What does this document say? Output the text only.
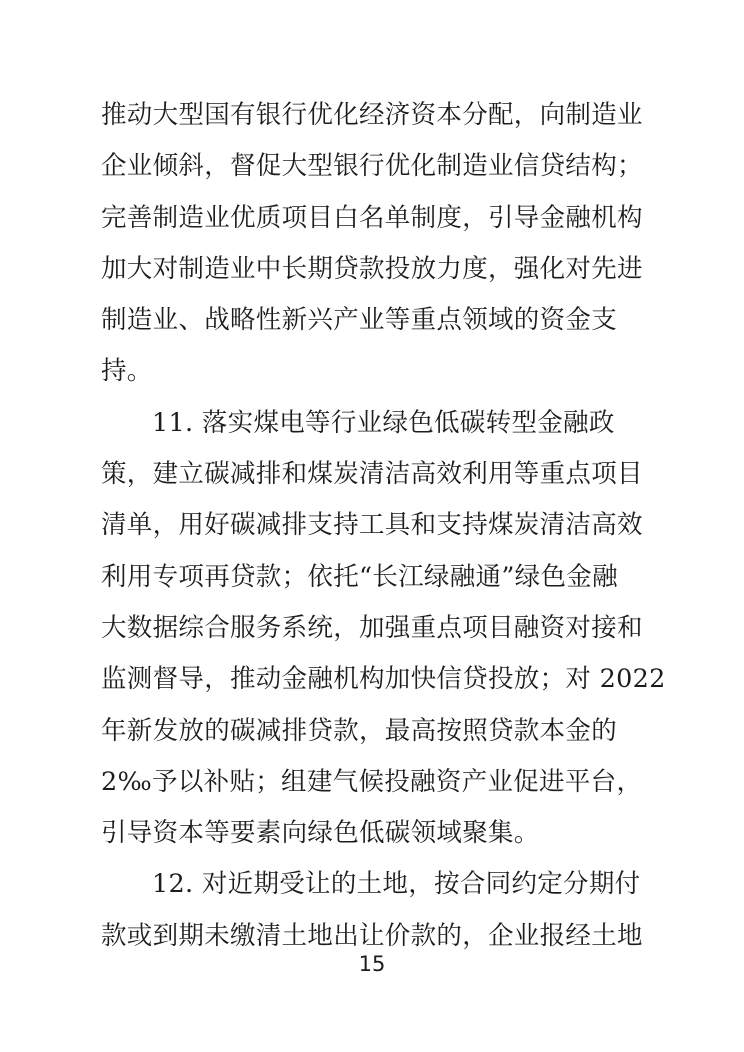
推动大型国有银行优化经济资本分配，向制造业
企业倾斜，督促大型银行优化制造业信贷结构；
完善制造业优质项目白名单制度，引导金融机构
加大对制造业中长期贷款投放力度，强化对先进
制造业、战略性新兴产业等重点领域的资金支
持。
11. 落实煤电等行业绿色低碳转型金融政
策，建立碳减排和煤炭清洁高效利用等重点项目
清单，用好碳减排支持工具和支持煤炭清洁高效
利用专项再贷款；依托“长江绿融通”绿色金融
大数据综合服务系统，加强重点项目融资对接和
监测督导，推动金融机构加快信贷投放；对 2022
年新发放的碳减排贷款，最高按照贷款本金的
2‰予以补贴；组建气候投融资产业促进平台，
引导资本等要素向绿色低碳领域聚集。
12. 对近期受让的土地，按合同约定分期付
款或到期未缴清土地出让价款的，企业报经土地
15
